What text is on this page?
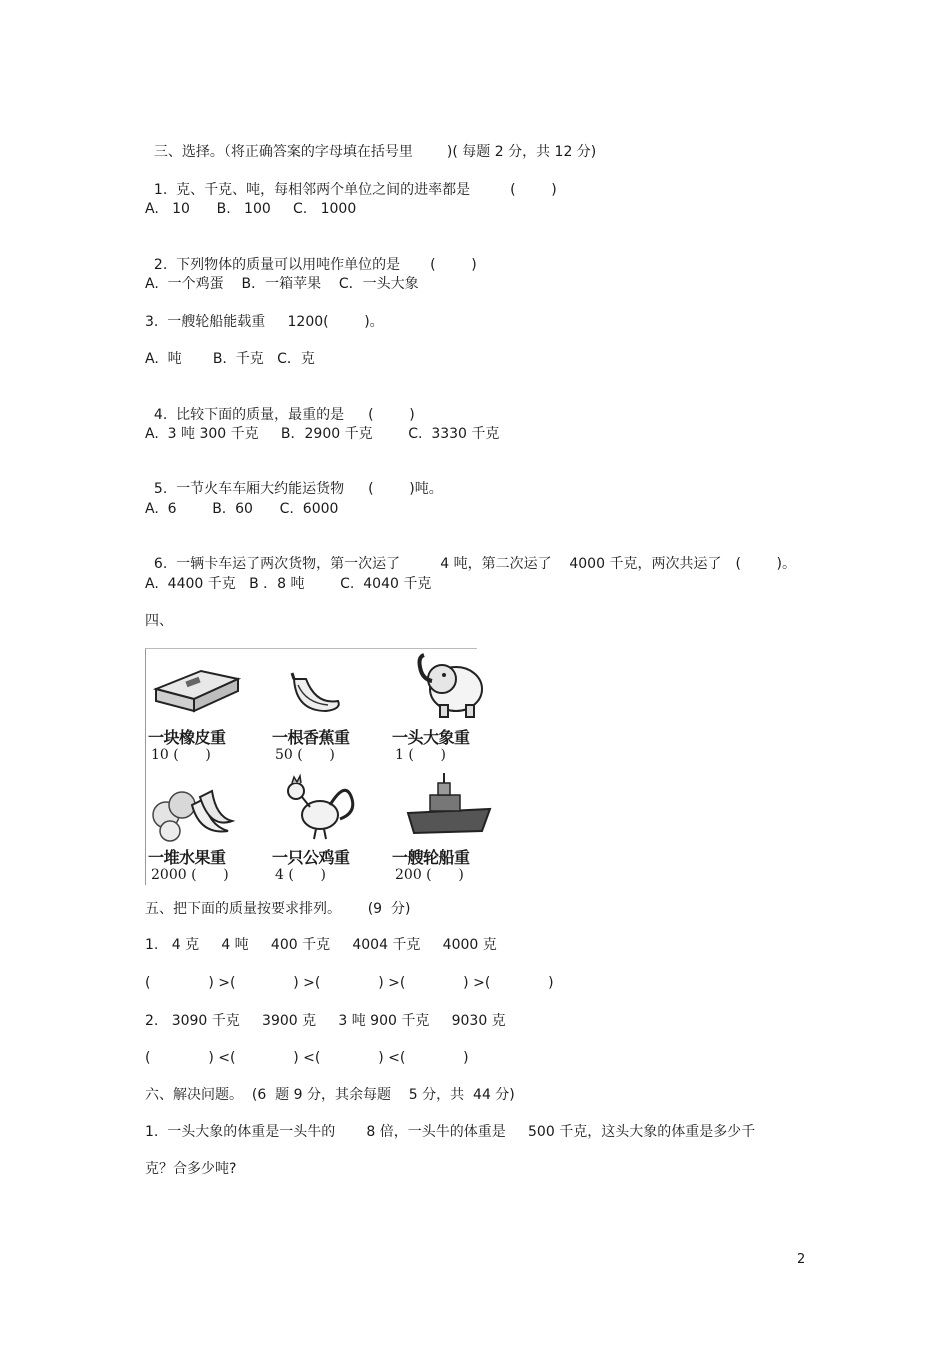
三、选择。（将正确答案的字母填在括号里 )( 每题 2 分，共 12 分)

1.  克、千克、吨，每相邻两个单位之间的进率都是	(        )

A.   10      B.   100     C.   1000

2.  下列物体的质量可以用吨作单位的是 (        )

A.  一个鸡蛋    B．一箱苹果    C．一头大象
3.  一艘轮船能载重     1200(        )。
A.  吨       B.  千克   C．克

4.  比较下面的质量，最重的是 (        )

A.  3 吨 300 千克     B．2900 千克        C.  3330 千克

5.  一节火车车厢大约能运货物 (        )吨。

A.  6        B.  60      C.  6000

6.  一辆卡车运了两次货物，第一次运了         4 吨，第二次运了    4000 千克，两次共运了 (        )。

A.  4400 千克   B ．8 吨        C.  4040 千克
四、
一块橡皮重
10 (      )
一根香蕉重
50 (      )
一头大象重
1 (      )
一堆水果重
2000 (      )
一只公鸡重
4 (      )
一艘轮船重
200 (      )
五、把下面的质量按要求排列。      (9  分)
1.   4 克     4 吨     400 千克     4004 千克     4000 克
(             ) >(             ) >(             ) >(             ) >(             )
2.   3090 千克     3900 克     3 吨 900 千克     9030 克
(             ) <(             ) <(             ) <(             )
六、解决问题。  (6  题 9 分，其余每题    5 分，共  44 分)
1.  一头大象的体重是一头牛的       8 倍，一头牛的体重是     500 千克，这头大象的体重是多少千
克？合多少吨?
2
